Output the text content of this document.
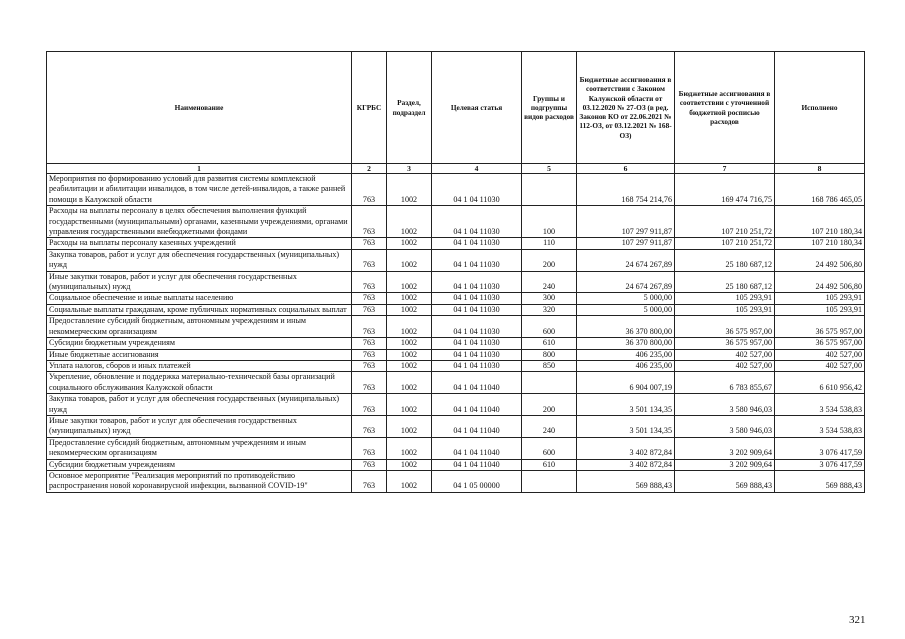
Наименование	КГРБС	Раздел, подраздел	Целевая статья	Группы и подгруппы видов расходов	Бюджетные ассигнования в соответствии с Законом Калужской области от 03.12.2020 № 27-ОЗ (в ред. Законов КО от 22.06.2021 № 112-ОЗ, от 03.12.2021 № 168-ОЗ)	Бюджетные ассигнования в соответствии с уточненной бюджетной росписью расходов	Исполнено
1	2	3	4	5	6	7	8
Мероприятия по формированию условий для развития системы комплексной реабилитации и абилитации инвалидов, в том числе детей-инвалидов, а также ранней помощи в Калужской области	763	1002	04 1 04 11030		168 754 214,76	169 474 716,75	168 786 465,05
Расходы на выплаты персоналу в целях обеспечения выполнения функций государственными (муниципальными) органами, казенными учреждениями, органами управления государственными внебюджетными фондами	763	1002	04 1 04 11030	100	107 297 911,87	107 210 251,72	107 210 180,34
Расходы на выплаты персоналу казенных учреждений	763	1002	04 1 04 11030	110	107 297 911,87	107 210 251,72	107 210 180,34
Закупка товаров, работ и услуг для обеспечения государственных (муниципальных) нужд	763	1002	04 1 04 11030	200	24 674 267,89	25 180 687,12	24 492 506,80
Иные закупки товаров, работ и услуг для обеспечения государственных (муниципальных) нужд	763	1002	04 1 04 11030	240	24 674 267,89	25 180 687,12	24 492 506,80
Социальное обеспечение и иные выплаты населению	763	1002	04 1 04 11030	300	5 000,00	105 293,91	105 293,91
Социальные выплаты гражданам, кроме публичных нормативных социальных выплат	763	1002	04 1 04 11030	320	5 000,00	105 293,91	105 293,91
Предоставление субсидий бюджетным, автономным учреждениям и иным некоммерческим организациям	763	1002	04 1 04 11030	600	36 370 800,00	36 575 957,00	36 575 957,00
Субсидии бюджетным учреждениям	763	1002	04 1 04 11030	610	36 370 800,00	36 575 957,00	36 575 957,00
Иные бюджетные ассигнования	763	1002	04 1 04 11030	800	406 235,00	402 527,00	402 527,00
Уплата налогов, сборов и иных платежей	763	1002	04 1 04 11030	850	406 235,00	402 527,00	402 527,00
Укрепление, обновление и поддержка материально-технической базы организаций социального обслуживания Калужской области	763	1002	04 1 04 11040		6 904 007,19	6 783 855,67	6 610 956,42
Закупка товаров, работ и услуг для обеспечения государственных (муниципальных) нужд	763	1002	04 1 04 11040	200	3 501 134,35	3 580 946,03	3 534 538,83
Иные закупки товаров, работ и услуг для обеспечения государственных (муниципальных) нужд	763	1002	04 1 04 11040	240	3 501 134,35	3 580 946,03	3 534 538,83
Предоставление субсидий бюджетным, автономным учреждениям и иным некоммерческим организациям	763	1002	04 1 04 11040	600	3 402 872,84	3 202 909,64	3 076 417,59
Субсидии бюджетным учреждениям	763	1002	04 1 04 11040	610	3 402 872,84	3 202 909,64	3 076 417,59
Основное мероприятие "Реализация мероприятий по противодействию распространения новой коронавирусной инфекции, вызванной COVID-19"	763	1002	04 1 05 00000		569 888,43	569 888,43	569 888,43
321
